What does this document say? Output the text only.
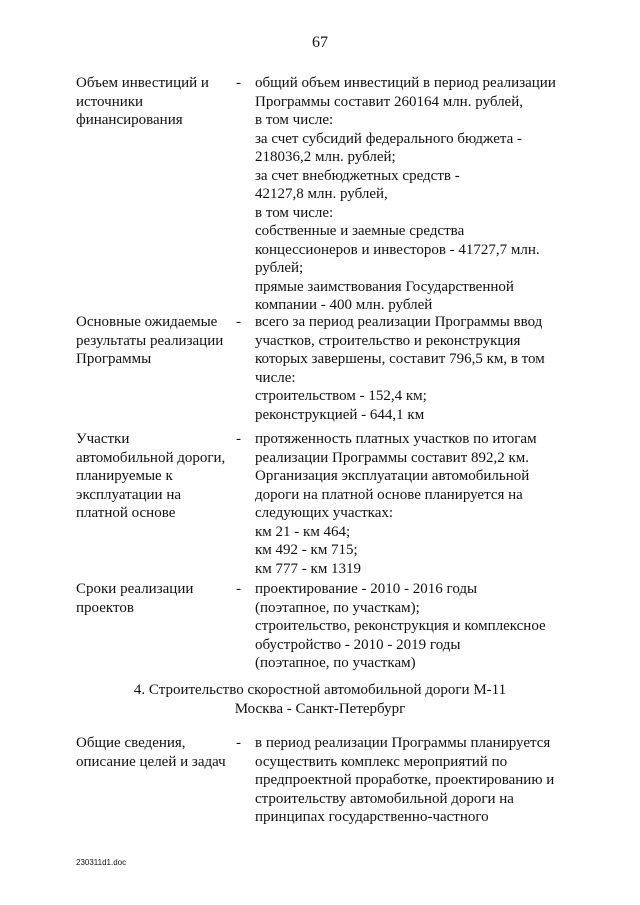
67
Объем инвестиций и
источники
финансирования
- общий объем инвестиций в период реализации
Программы составит 260164 млн. рублей,
в том числе:
за счет субсидий федерального бюджета -
218036,2 млн. рублей;
за счет внебюджетных средств -
42127,8 млн. рублей,
в том числе:
собственные и заемные средства
концессионеров и инвесторов - 41727,7 млн.
рублей;
прямые заимствования Государственной
компании - 400 млн. рублей
Основные ожидаемые
результаты реализации
Программы
- всего за период реализации Программы ввод
участков, строительство и реконструкция
которых завершены, составит 796,5 км, в том
числе:
строительством - 152,4 км;
реконструкцией - 644,1 км
Участки
автомобильной дороги,
планируемые к
эксплуатации на
платной основе
- протяженность платных участков по итогам
реализации Программы составит 892,2 км.
Организация эксплуатации автомобильной
дороги на платной основе планируется на
следующих участках:
км 21 - км 464;
км 492 - км 715;
км 777 - км 1319
Сроки реализации
проектов
- проектирование - 2010 - 2016 годы
(поэтапное, по участкам);
строительство, реконструкция и комплексное
обустройство - 2010 - 2019 годы
(поэтапное, по участкам)
4. Строительство скоростной автомобильной дороги М-11
Москва - Санкт-Петербург
Общие сведения,
описание целей и задач
- в период реализации Программы планируется
осуществить комплекс мероприятий по
предпроектной проработке, проектированию и
строительству автомобильной дороги на
принципах государственно-частного
230311d1.doc
